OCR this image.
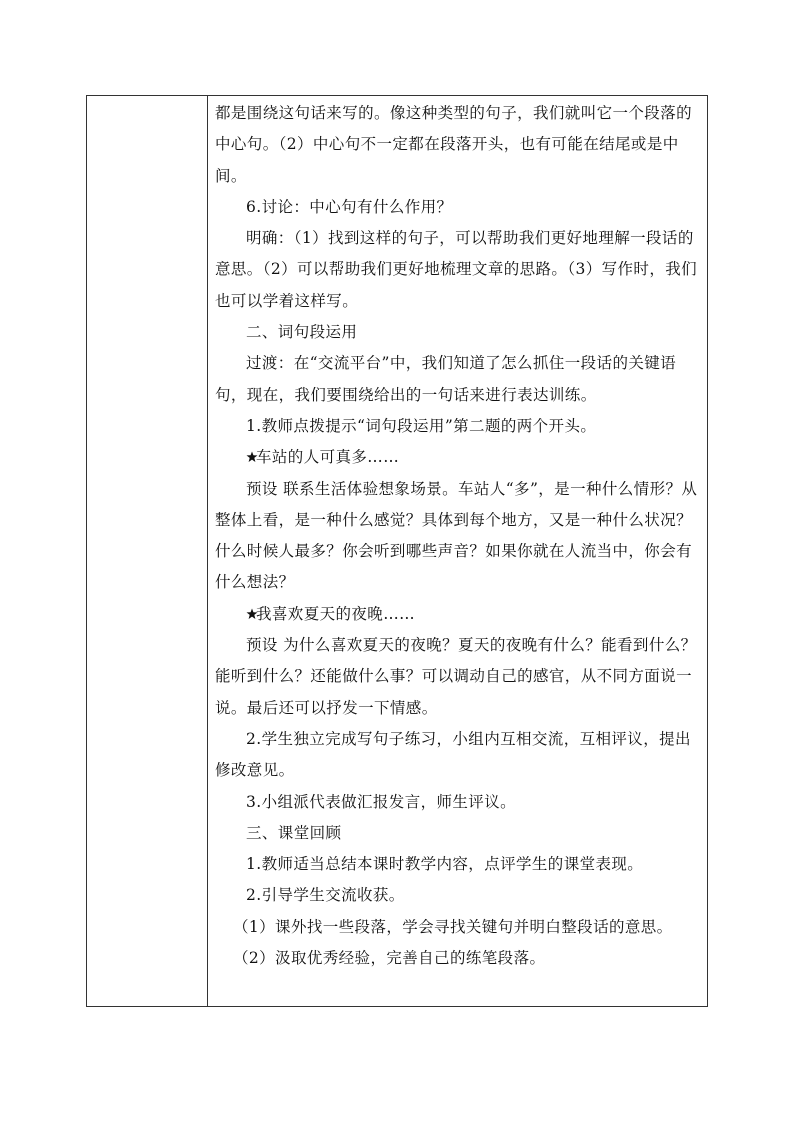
都是围绕这句话来写的。像这种类型的句子，我们就叫它一个段落的中心句。（2）中心句不一定都在段落开头，也有可能在结尾或是中间。

6.讨论：中心句有什么作用？

明确：（1）找到这样的句子，可以帮助我们更好地理解一段话的意思。（2）可以帮助我们更好地梳理文章的思路。（3）写作时，我们也可以学着这样写。

二、词句段运用

过渡：在“交流平台”中，我们知道了怎么抓住一段话的关键语句，现在，我们要围绕给出的一句话来进行表达训练。

1.教师点拨提示“词句段运用”第二题的两个开头。

车站的人可真多……

预设 联系生活体验想象场景。车站人“多”，是一种什么情形？从整体上看，是一种什么感觉？具体到每个地方，又是一种什么状况？什么时候人最多？你会听到哪些声音？如果你就在人流当中，你会有什么想法？

我喜欢夏天的夜晚……

预设 为什么喜欢夏天的夜晚？夏天的夜晚有什么？能看到什么？能听到什么？还能做什么事？可以调动自己的感官，从不同方面说一说。最后还可以抒发一下情感。

2.学生独立完成写句子练习，小组内互相交流，互相评议，提出修改意见。

3.小组派代表做汇报发言，师生评议。

三、课堂回顾

1.教师适当总结本课时教学内容，点评学生的课堂表现。

2.引导学生交流收获。

（1）课外找一些段落，学会寻找关键句并明白整段话的意思。

（2）汲取优秀经验，完善自己的练笔段落。
